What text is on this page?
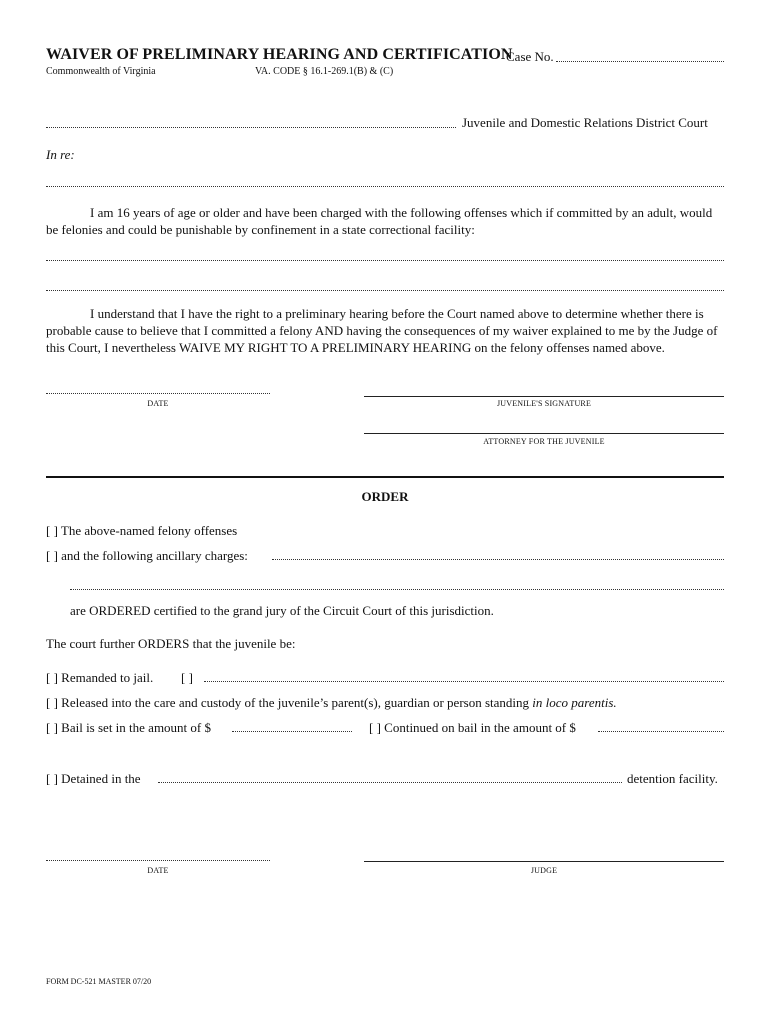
WAIVER OF PRELIMINARY HEARING AND CERTIFICATION
Case No.
Commonwealth of Virginia	VA. CODE § 16.1-269.1(B) & (C)
Juvenile and Domestic Relations District Court
In re:
I am 16 years of age or older and have been charged with the following offenses which if committed by an adult, would be felonies and could be punishable by confinement in a state correctional facility:
I understand that I have the right to a preliminary hearing before the Court named above to determine whether there is probable cause to believe that I committed a felony AND having the consequences of my waiver explained to me by the Judge of this Court, I nevertheless WAIVE MY RIGHT TO A PRELIMINARY HEARING on the felony offenses named above.
DATE	JUVENILE'S SIGNATURE
ATTORNEY FOR THE JUVENILE
ORDER
[ ] The above-named felony offenses
[ ] and the following ancillary charges:
are ORDERED certified to the grand jury of the Circuit Court of this jurisdiction.
The court further ORDERS that the juvenile be:
[ ] Remanded to jail. [ ]
[ ] Released into the care and custody of the juvenile’s parent(s), guardian or person standing in loco parentis.
[ ] Bail is set in the amount of $	[ ] Continued on bail in the amount of $
[ ] Detained in the	detention facility.
DATE	JUDGE
FORM DC-521 MASTER 07/20
